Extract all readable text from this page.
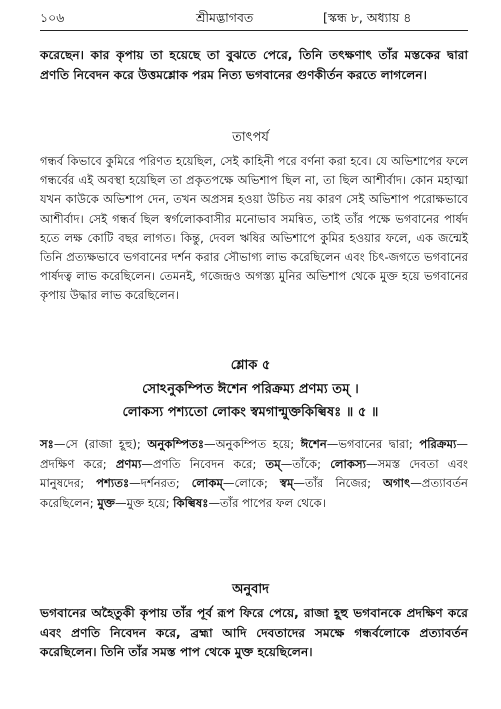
১০৬	শ্রীমদ্ভাগবত	[স্কন্ধ ৮, অধ্যায় ৪

করেছেন। কার কৃপায় তা হয়েছে তা বুঝতে পেরে, তিনি তৎক্ষণাৎ তাঁর মস্তকের দ্বারা প্রণতি নিবেদন করে উত্তমশ্লোক পরম নিত্য ভগবানের গুণকীর্তন করতে লাগলেন।

তাৎপর্য

গন্ধর্ব কিভাবে কুমিরে পরিণত হয়েছিল, সেই কাহিনী পরে বর্ণনা করা হবে। যে অভিশাপের ফলে গন্ধর্বের এই অবস্থা হয়েছিল তা প্রকৃতপক্ষে অভিশাপ ছিল না, তা ছিল আশীর্বাদ। কোন মহাত্মা যখন কাউকে অভিশাপ দেন, তখন অপ্রসন্ন হওয়া উচিত নয় কারণ সেই অভিশাপ পরোক্ষভাবে আশীর্বাদ। সেই গন্ধর্ব ছিল স্বর্গলোকবাসীর মনোভাব সমন্বিত, তাই তাঁর পক্ষে ভগবানের পার্ষদ হতে লক্ষ কোটি বছর লাগত। কিন্তু, দেবল ঋষির অভিশাপে কুমির হওয়ার ফলে, এক জন্মেই তিনি প্রত্যক্ষভাবে ভগবানের দর্শন করার সৌভাগ্য লাভ করেছিলেন এবং চিৎ-জগতে ভগবানের পার্ষদত্ব লাভ করেছিলেন। তেমনই, গজেন্দ্রও অগস্ত্য মুনির অভিশাপ থেকে মুক্ত হয়ে ভগবানের কৃপায় উদ্ধার লাভ করেছিলেন।

শ্লোক ৫
সোঽনুকম্পিত ঈশেন পরিক্রম্য প্রণম্য তম্ ।
লোকস্য পশ্যতো লোকং স্বমগান্মুক্তকিল্বিষঃ ॥ ৫ ॥
সঃ—সে (রাজা হূহু); অনুকম্পিতঃ—অনুকম্পিত হয়ে; ঈশেন—ভগবানের দ্বারা; পরিক্রম্য—প্রদক্ষিণ করে; প্রণম্য—প্রণতি নিবেদন করে; তম্—তাঁকে; লোকস্য—সমস্ত দেবতা এবং মানুষদের; পশ্যতঃ—দর্শনরত; লোকম্—লোকে; স্বম্—তাঁর নিজের; অগাৎ—প্রত্যাবর্তন করেছিলেন; মুক্ত—মুক্ত হয়ে; কিল্বিষঃ—তাঁর পাপের ফল থেকে।
অনুবাদ

ভগবানের অহৈতুকী কৃপায় তাঁর পূর্ব রূপ ফিরে পেয়ে, রাজা হূহু ভগবানকে প্রদক্ষিণ করে এবং প্রণতি নিবেদন করে, ব্রহ্মা আদি দেবতাদের সমক্ষে গন্ধর্বলোকে প্রত্যাবর্তন করেছিলেন। তিনি তাঁর সমস্ত পাপ থেকে মুক্ত হয়েছিলেন।
